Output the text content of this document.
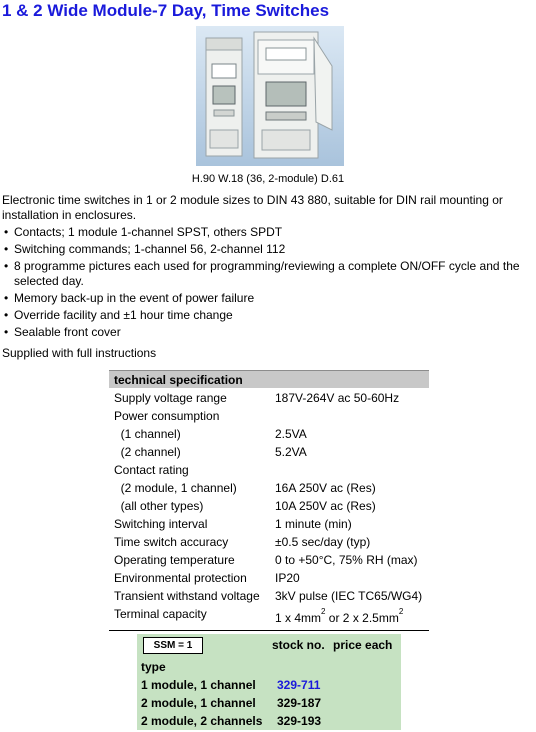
1 & 2 Wide Module-7 Day, Time Switches
H.90 W.18 (36, 2-module) D.61
Electronic time switches in 1 or 2 module sizes to DIN 43 880, suitable for DIN rail mounting or installation in enclosures.
• Contacts; 1 module 1-channel SPST, others SPDT
• Switching commands; 1-channel 56, 2-channel 112
• 8 programme pictures each used for programming/reviewing a complete ON/OFF cycle and the selected day.
• Memory back-up in the event of power failure
• Override facility and ±1 hour time change
• Sealable front cover
Supplied with full instructions
technical specification
Supply voltage range	187V-264V ac 50-60Hz
Power consumption
(1 channel)	2.5VA
(2 channel)	5.2VA
Contact rating
(2 module, 1 channel)	16A 250V ac (Res)
(all other types)	10A 250V ac (Res)
Switching interval	1 minute (min)
Time switch accuracy	±0.5 sec/day (typ)
Operating temperature	0 to +50°C, 75% RH (max)
Environmental protection IP20
Transient withstand voltage 3kV pulse (IEC TC65/WG4)
Terminal capacity	1 x $4mm^2$ or 2 x $2.5mm^2$
SSM = 1	stock no. price each
type
1 module, 1 channel 329-711
2 module, 1 channel 329-187
2 module, 2 channels 329-193
